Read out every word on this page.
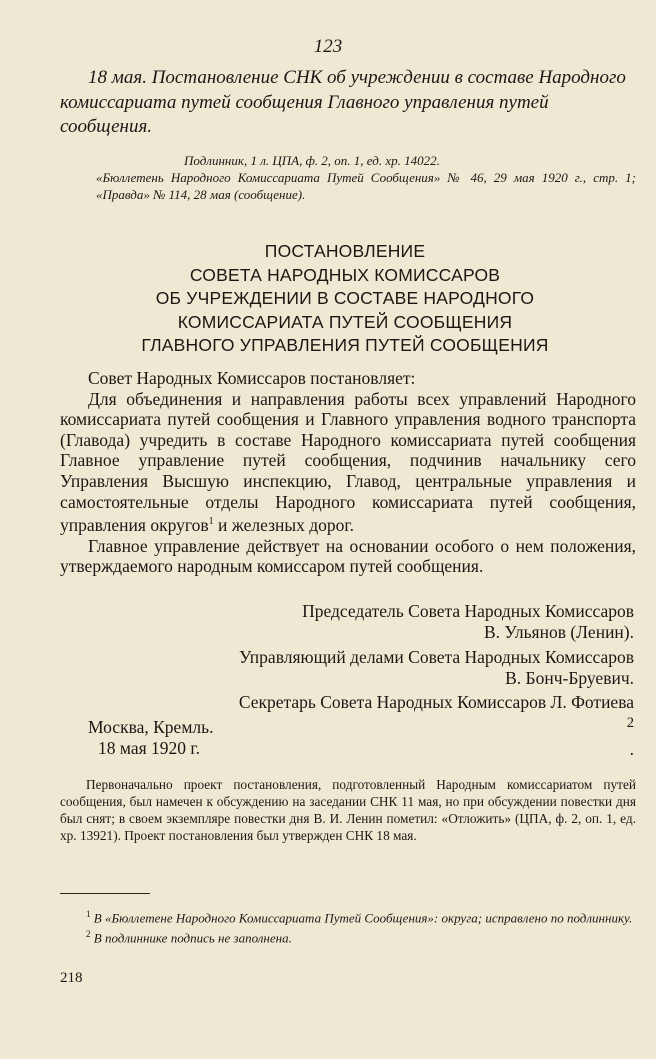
123

18 мая. Постановление СНК об учреждении в составе Народного комиссариата путей сообщения Главного управления путей сообщения.

Подлинник, 1 л. ЦПА, ф. 2, оп. 1, ед. хр. 14022.
«Бюллетень Народного Комиссариата Путей Сообщения» № 46, 29 мая 1920 г., стр. 1; «Правда» № 114, 28 мая (сообщение).
ПОСТАНОВЛЕНИЕ
СОВЕТА НАРОДНЫХ КОМИССАРОВ
ОБ УЧРЕЖДЕНИИ В СОСТАВЕ НАРОДНОГО
КОМИССАРИАТА ПУТЕЙ СООБЩЕНИЯ
ГЛАВНОГО УПРАВЛЕНИЯ ПУТЕЙ СООБЩЕНИЯ

Совет Народных Комиссаров постановляет:

Для объединения и направления работы всех управлений Народного комиссариата путей сообщения и Главного управления водного транспорта (Главода) учредить в составе Народного комиссариата путей сообщения Главное управление путей сообщения, подчинив начальнику сего Управления Высшую инспекцию, Главод, центральные управления и самостоятельные отделы Народного комиссариата путей сообщения, управления округов$^1$ и железных дорог.

Главное управление действует на основании особого о нем положения, утверждаемого народным комиссаром путей сообщения.

Председатель Совета Народных Комиссаров
В. Ульянов (Ленин).
Управляющий делами Совета Народных Комиссаров
В. Бонч-Бруевич.
Секретарь Совета Народных Комиссаров Л. Фотиева
$^2$
.
Москва, Кремль.
18 мая 1920 г.

Первоначально проект постановления, подготовленный Народным комиссариатом путей сообщения, был намечен к обсуждению на заседании СНК 11 мая, но при обсуждении повестки дня был снят; в своем экземпляре повестки дня В. И. Ленин пометил: «Отложить» (ЦПА, ф. 2, оп. 1, ед. хр. 13921). Проект постановления был утвержден СНК 18 мая.

$^1$ В «Бюллетене Народного Комиссариата Путей Сообщения»: округа; исправлено по подлиннику.

$^2$ В подлиннике подпись не заполнена.

218
